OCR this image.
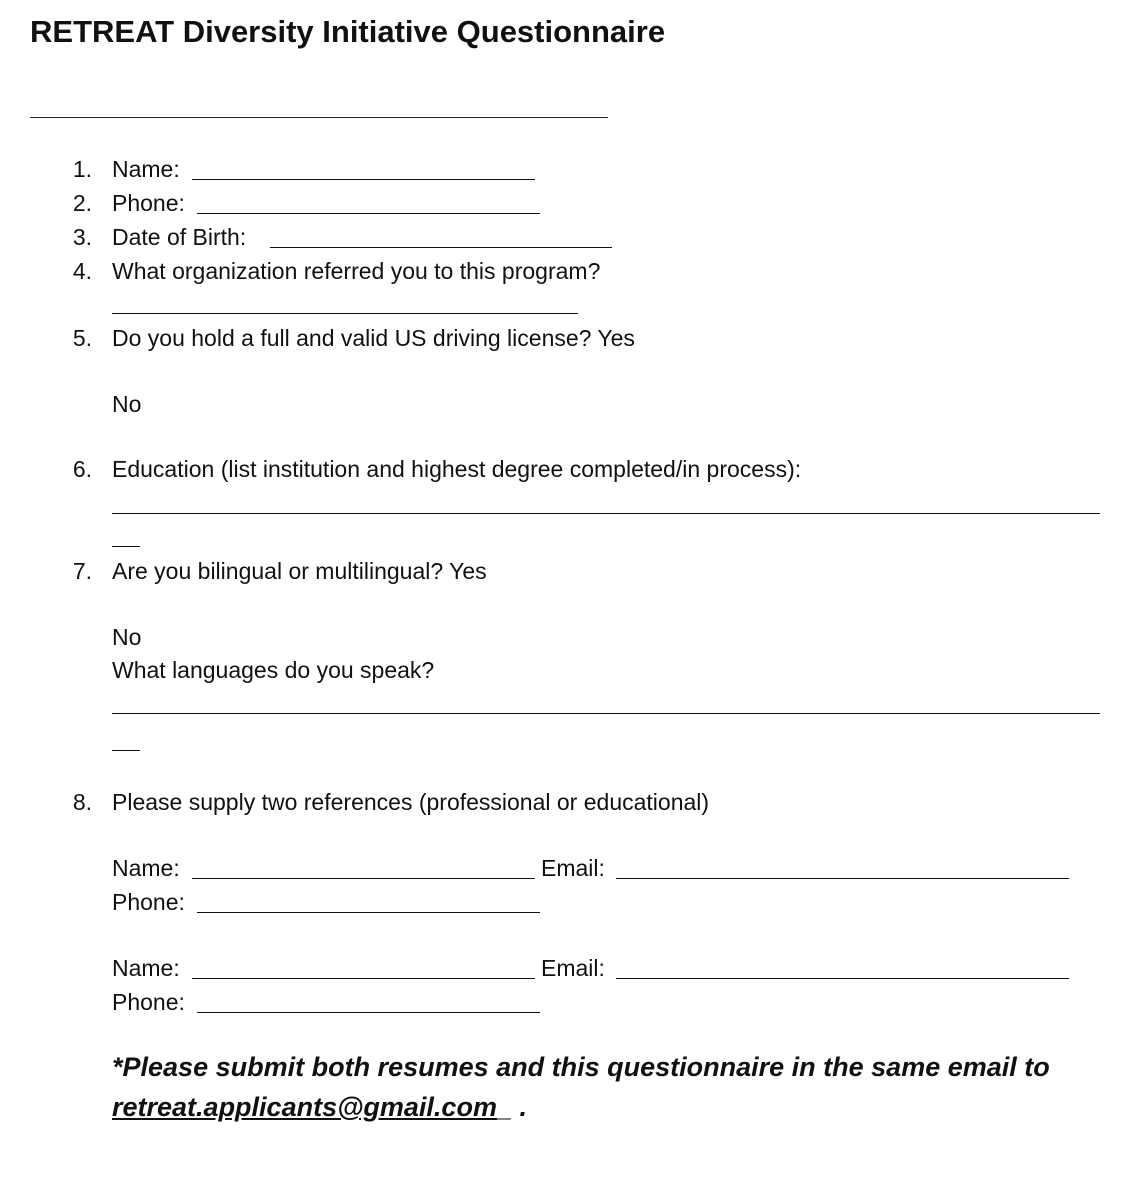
RETREAT Diversity Initiative Questionnaire
1. Name:
2. Phone:
3. Date of Birth:
4. What organization referred you to this program?
5. Do you hold a full and valid US driving license? Yes
No
6. Education (list institution and highest degree completed/in process):
7. Are you bilingual or multilingual? Yes
No
What languages do you speak?
8. Please supply two references (professional or educational)
Name:	Email:
Phone:
Name:	Email:
Phone:
*Please submit both resumes and this questionnaire in the same email to
retreat.applicants@gmail.com_ .
